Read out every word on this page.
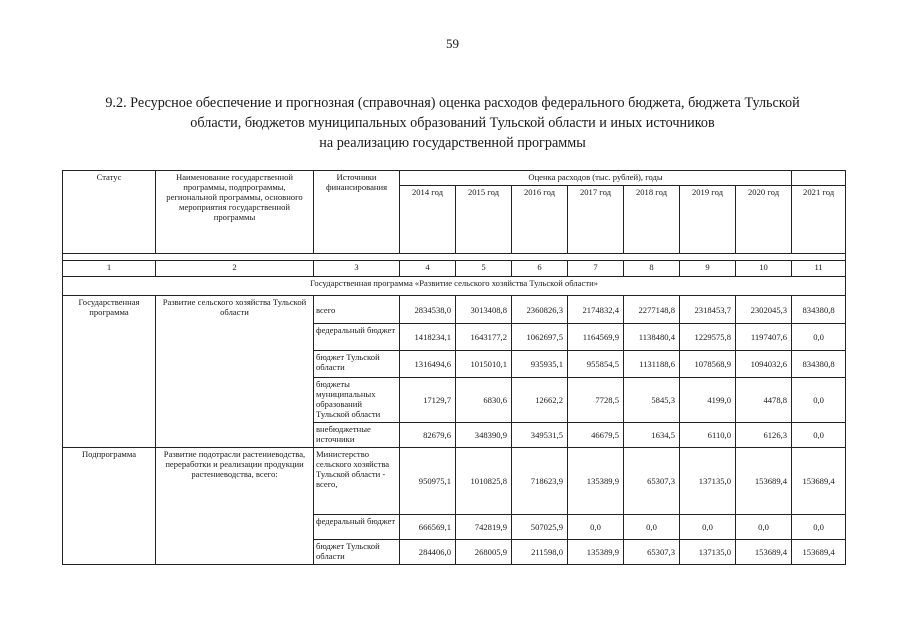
59
9.2. Ресурсное обеспечение и прогнозная (справочная) оценка расходов федерального бюджета, бюджета Тульской
области, бюджетов муниципальных образований Тульской области и иных источников
на реализацию государственной программы
Статус	Наименование государственной программы, подпрограммы, региональной программы, основного мероприятия государственной программы	Источники финансирования	Оценка расходов (тыс. рублей), годы							
			2014 год	2015 год	2016 год	2017 год	2018 год	2019 год	2020 год	2021 год

1	2	3	4	5	6	7	8	9	10	11
Государственная программа «Развитие сельского хозяйства Тульской области»										
Государственная программа	Развитие сельского хозяйства Тульской области	всего	2834538,0	3013408,8	2360826,3	2174832,4	2277148,8	2318453,7	2302045,3	834380,8
		федеральный бюджет	1418234,1	1643177,2	1062697,5	1164569,9	1138480,4	1229575,8	1197407,6	0,0
		бюджет Тульской области	1316494,6	1015010,1	935935,1	955854,5	1131188,6	1078568,9	1094032,6	834380,8
		бюджеты муниципальных образований Тульской области	17129,7	6830,6	12662,2	7728,5	5845,3	4199,0	4478,8	0,0
		внебюджетные источники	82679,6	348390,9	349531,5	46679,5	1634,5	6110,0	6126,3	0,0
Подпрограмма	Развитие подотрасли растениеводства, переработки и реализации продукции растениеводства, всего:	Министерство сельского хозяйства Тульской области - всего,	950975,1	1010825,8	718623,9	135389,9	65307,3	137135,0	153689,4	153689,4
		федеральный бюджет	666569,1	742819,9	507025,9	0,0	0,0	0,0	0,0	0,0
		бюджет Тульской области	284406,0	268005,9	211598,0	135389,9	65307,3	137135,0	153689,4	153689,4
